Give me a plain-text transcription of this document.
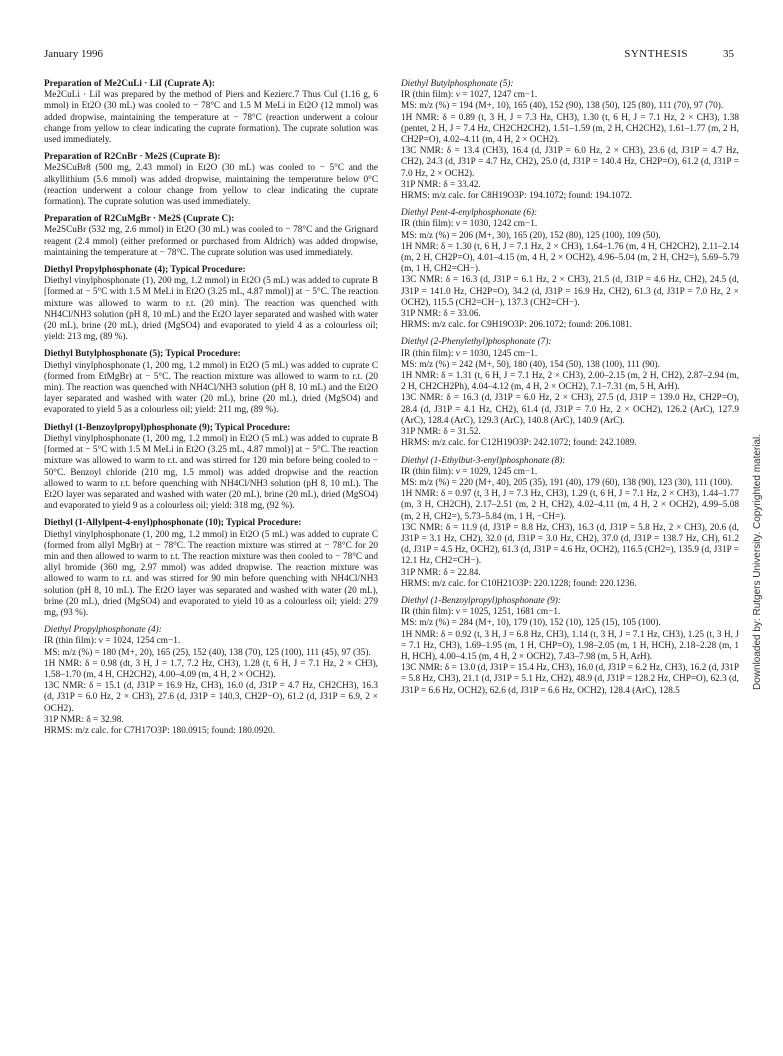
January 1996	SYNTHESIS	35

Preparation of Me2CuLi · LiI (Cuprate A):

Me2CuLi · LiI was prepared by the method of Piers and Kezierc.7 Thus CuI (1.16 g, 6 mmol) in Et2O (30 mL) was cooled to − 78°C and 1.5 M MeLi in Et2O (12 mmol) was added dropwise, maintaining the temperature at − 78°C (reaction underwent a colour change from yellow to clear indicating the cuprate formation). The cuprate solution was used immediately.

Preparation of R2CnBr · Me2S (Cuprate B):

Me2SCuBr8 (500 mg, 2.43 mmol) in Et2O (30 mL) was cooled to − 5°C and the alkyllithium (5.6 mmol) was added dropwise, maintaining the temperature below 0°C (reaction underwent a colour change from yellow to clear indicating the cuprate formation). The cuprate solution was used immediately.

Preparation of R2CuMgBr · Me2S (Cuprate C):

Me2SCuBr (532 mg, 2.6 mmol) in Et2O (30 mL) was cooled to − 78°C and the Grignard reagent (2.4 mmol) (either preformed or purchased from Aldrich) was added dropwise, maintaining the temperature at − 78°C. The cuprate solution was used immediately.

Diethyl Propylphosphonate (4); Typical Procedure:

Diethyl vinylphosphonate (1), 200 mg, 1.2 mmol) in Et2O (5 mL) was added to cuprate B [formed at − 5°C with 1.5 M MeLi in Et2O (3.25 mL, 4.87 mmol)] at − 5°C. The reaction mixture was allowed to warm to r.t. (20 min). The reaction was quenched with NH4Cl/NH3 solution (pH 8, 10 mL) and the Et2O layer separated and washed with water (20 mL), brine (20 mL), dried (MgSO4) and evaporated to yield 4 as a colourless oil; yield: 213 mg, (89 %).

Diethyl Butylphosphonate (5); Typical Procedure:

Diethyl vinylphosphonate (1, 200 mg, 1.2 mmol) in Et2O (5 mL) was added to cuprate C (formed from EtMgBr) at − 5°C. The reaction mixture was allowed to warm to r.t. (20 min). The reaction was quenched with NH4Cl/NH3 solution (pH 8, 10 mL) and the Et2O layer separated and washed with water (20 mL), brine (20 mL), dried (MgSO4) and evaporated to yield 5 as a colourless oil; yield: 211 mg, (89 %).

Diethyl (1-Benzoylpropyl)phosphonate (9); Typical Procedure:

Diethyl vinylphosphonate (1, 200 mg, 1.2 mmol) in Et2O (5 mL) was added to cuprate B [formed at − 5°C with 1.5 M MeLi in Et2O (3.25 mL, 4.87 mmol)] at − 5°C. The reaction mixture was allowed to warm to r.t. and was stirred for 120 min before being cooled to − 50°C. Benzoyl chloride (210 mg, 1.5 mmol) was added dropwise and the reaction allowed to warm to r.t. before quenching with NH4Cl/NH3 solution (pH 8, 10 mL). The Et2O layer was separated and washed with water (20 mL), brine (20 mL), dried (MgSO4) and evaporated to yield 9 as a colourless oil; yield: 318 mg, (92 %).

Diethyl (1-Allylpent-4-enyl)phosphonate (10); Typical Procedure:

Diethyl vinylphosphonate (1, 200 mg, 1.2 mmol) in Et2O (5 mL) was added to cuprate C (formed from allyl MgBr) at − 78°C. The reaction mixture was stirred at − 78°C for 20 min and then allowed to warm to r.t. The reaction mixture was then cooled to − 78°C and allyl bromide (360 mg, 2.97 mmol) was added dropwise. The reaction mixture was allowed to warm to r.t. and was stirred for 90 min before quenching with NH4Cl/NH3 solution (pH 8, 10 mL). The Et2O layer was separated and washed with water (20 mL), brine (20 mL), dried (MgSO4) and evaporated to yield 10 as a colourless oil; yield: 279 mg, (93 %).

Diethyl Propylphosphonate (4):

IR (thin film): ν = 1024, 1254 cm−1.

MS: m/z (%) = 180 (M+, 20), 165 (25), 152 (40), 138 (70), 125 (100), 111 (45), 97 (35).

1H NMR: δ = 0.98 (dt, 3 H, J = 1.7, 7.2 Hz, CH3), 1.28 (t, 6 H, J = 7.1 Hz, 2 × CH3), 1.58–1.70 (m, 4 H, CH2CH2), 4.00–4.09 (m, 4 H, 2 × OCH2).

13C NMR: δ = 15.1 (d, J31P = 16.9 Hz, CH3), 16.0 (d, J31P = 4.7 Hz, CH2CH3), 16.3 (d, J31P = 6.0 Hz, 2 × CH3), 27.6 (d, J31P = 140.3, CH2P−O), 61.2 (d, J31P = 6.9, 2 × OCH2).

31P NMR: δ = 32.98.

HRMS: m/z calc. for C7H17O3P: 180.0915; found: 180.0920.

Diethyl Butylphosphonate (5):

IR (thin film): ν = 1027, 1247 cm−1.

MS: m/z (%) = 194 (M+, 10), 165 (40), 152 (90), 138 (50), 125 (80), 111 (70), 97 (70).

1H NMR: δ = 0.89 (t, 3 H, J = 7.3 Hz, CH3), 1.30 (t, 6 H, J = 7.1 Hz, 2 × CH3), 1.38 (pentet, 2 H, J = 7.4 Hz, CH2CH2CH2), 1.51–1.59 (m, 2 H, CH2CH2), 1.61–1.77 (m, 2 H, CH2P=O), 4.02–4.11 (m, 4 H, 2 × OCH2).

13C NMR: δ = 13.4 (CH3), 16.4 (d, J31P = 6.0 Hz, 2 × CH3), 23.6 (d, J31P = 4.7 Hz, CH2), 24.3 (d, J31P = 4.7 Hz, CH2), 25.0 (d, J31P = 140.4 Hz, CH2P=O), 61.2 (d, J31P = 7.0 Hz, 2 × OCH2).

31P NMR: δ = 33.42.

HRMS: m/z calc. for C8H19O3P: 194.1072; found: 194.1072.

Diethyl Pent-4-enylphosphonate (6):

IR (thin film): ν = 1030, 1242 cm−1.

MS: m/z (%) = 206 (M+, 30), 165 (20), 152 (80), 125 (100), 109 (50).

1H NMR: δ = 1.30 (t, 6 H, J = 7.1 Hz, 2 × CH3), 1.64–1.76 (m, 4 H, CH2CH2), 2.11–2.14 (m, 2 H, CH2P=O), 4.01–4.15 (m, 4 H, 2 × OCH2), 4.96–5.04 (m, 2 H, CH2=), 5.69–5.79 (m, 1 H, CH2=CH−).

13C NMR: δ = 16.3 (d, J31P = 6.1 Hz, 2 × CH3), 21.5 (d, J31P = 4.6 Hz, CH2), 24.5 (d, J31P = 141.0 Hz, CH2P=O), 34.2 (d, J31P = 16.9 Hz, CH2), 61.3 (d, J31P = 7.0 Hz, 2 × OCH2), 115.5 (CH2=CH−), 137.3 (CH2=CH−).

31P NMR: δ = 33.06.

HRMS: m/z calc. for C9H19O3P: 206.1072; found: 206.1081.

Diethyl (2-Phenylethyl)phosphonate (7):

IR (thin film): ν = 1030, 1245 cm−1.

MS: m/z (%) = 242 (M+, 50), 180 (40), 154 (50), 138 (100), 111 (90).

1H NMR: δ = 1.31 (t, 6 H, J = 7.1 Hz, 2 × CH3), 2.00–2.15 (m, 2 H, CH2), 2.87–2.94 (m, 2 H, CH2CH2Ph), 4.04–4.12 (m, 4 H, 2 × OCH2), 7.1–7.31 (m, 5 H, ArH).

13C NMR: δ = 16.3 (d, J31P = 6.0 Hz, 2 × CH3), 27.5 (d, J31P = 139.0 Hz, CH2P=O), 28.4 (d, J31P = 4.1 Hz, CH2), 61.4 (d, J31P = 7.0 Hz, 2 × OCH2), 126.2 (ArC), 127.9 (ArC), 128.4 (ArC), 129.3 (ArC), 140.8 (ArC), 140.9 (ArC).

31P NMR: δ = 31.52.

HRMS: m/z calc. for C12H19O3P: 242.1072; found: 242.1089.

Diethyl (1-Ethylbut-3-enyl)phosphonate (8):

IR (thin film): ν = 1029, 1245 cm−1.

MS: m/z (%) = 220 (M+, 40), 205 (35), 191 (40), 179 (60), 138 (90), 123 (30), 111 (100).

1H NMR: δ = 0.97 (t, 3 H, J = 7.3 Hz, CH3), 1.29 (t, 6 H, J = 7.1 Hz, 2 × CH3), 1.44–1.77 (m, 3 H, CH2CH), 2.17–2.51 (m, 2 H, CH2), 4.02–4.11 (m, 4 H, 2 × OCH2), 4.99–5.08 (m, 2 H, CH2=), 5.73–5.84 (m, 1 H, −CH=).

13C NMR: δ = 11.9 (d, J31P = 8.8 Hz, CH3), 16.3 (d, J31P = 5.8 Hz, 2 × CH3), 20.6 (d, J31P = 3.1 Hz, CH2), 32.0 (d, J31P = 3.0 Hz, CH2), 37.0 (d, J31P = 138.7 Hz, CH), 61.2 (d, J31P = 4.5 Hz, OCH2), 61.3 (d, J31P = 4.6 Hz, OCH2), 116.5 (CH2=), 135.9 (d, J31P = 12.1 Hz, CH2=CH−).

31P NMR: δ = 22.84.

HRMS: m/z calc. for C10H21O3P: 220.1228; found: 220.1236.

Diethyl (1-Benzoylpropyl)phosphonate (9):

IR (thin film): ν = 1025, 1251, 1681 cm−1.

MS: m/z (%) = 284 (M+, 10), 179 (10), 152 (10), 125 (15), 105 (100).

1H NMR: δ = 0.92 (t, 3 H, J = 6.8 Hz, CH3), 1.14 (t, 3 H, J = 7.1 Hz, CH3), 1.25 (t, 3 H, J = 7.1 Hz, CH3), 1.69–1.95 (m, 1 H, CHP=O), 1.98–2.05 (m, 1 H, HCH), 2.18–2.28 (m, 1 H, HCH), 4.00–4.15 (m, 4 H, 2 × OCH2), 7.43–7.98 (m, 5 H, ArH).

13C NMR: δ = 13.0 (d, J31P = 15.4 Hz, CH3), 16.0 (d, J31P = 6.2 Hz, CH3), 16.2 (d, J31P = 5.8 Hz, CH3), 21.1 (d, J31P = 5.1 Hz, CH2), 48.9 (d, J31P = 128.2 Hz, CHP=O), 62.3 (d, J31P = 6.6 Hz, OCH2), 62.6 (d, J31P = 6.6 Hz, OCH2), 128.4 (ArC), 128.5

Downloaded by: Rutgers University. Copyrighted material.
